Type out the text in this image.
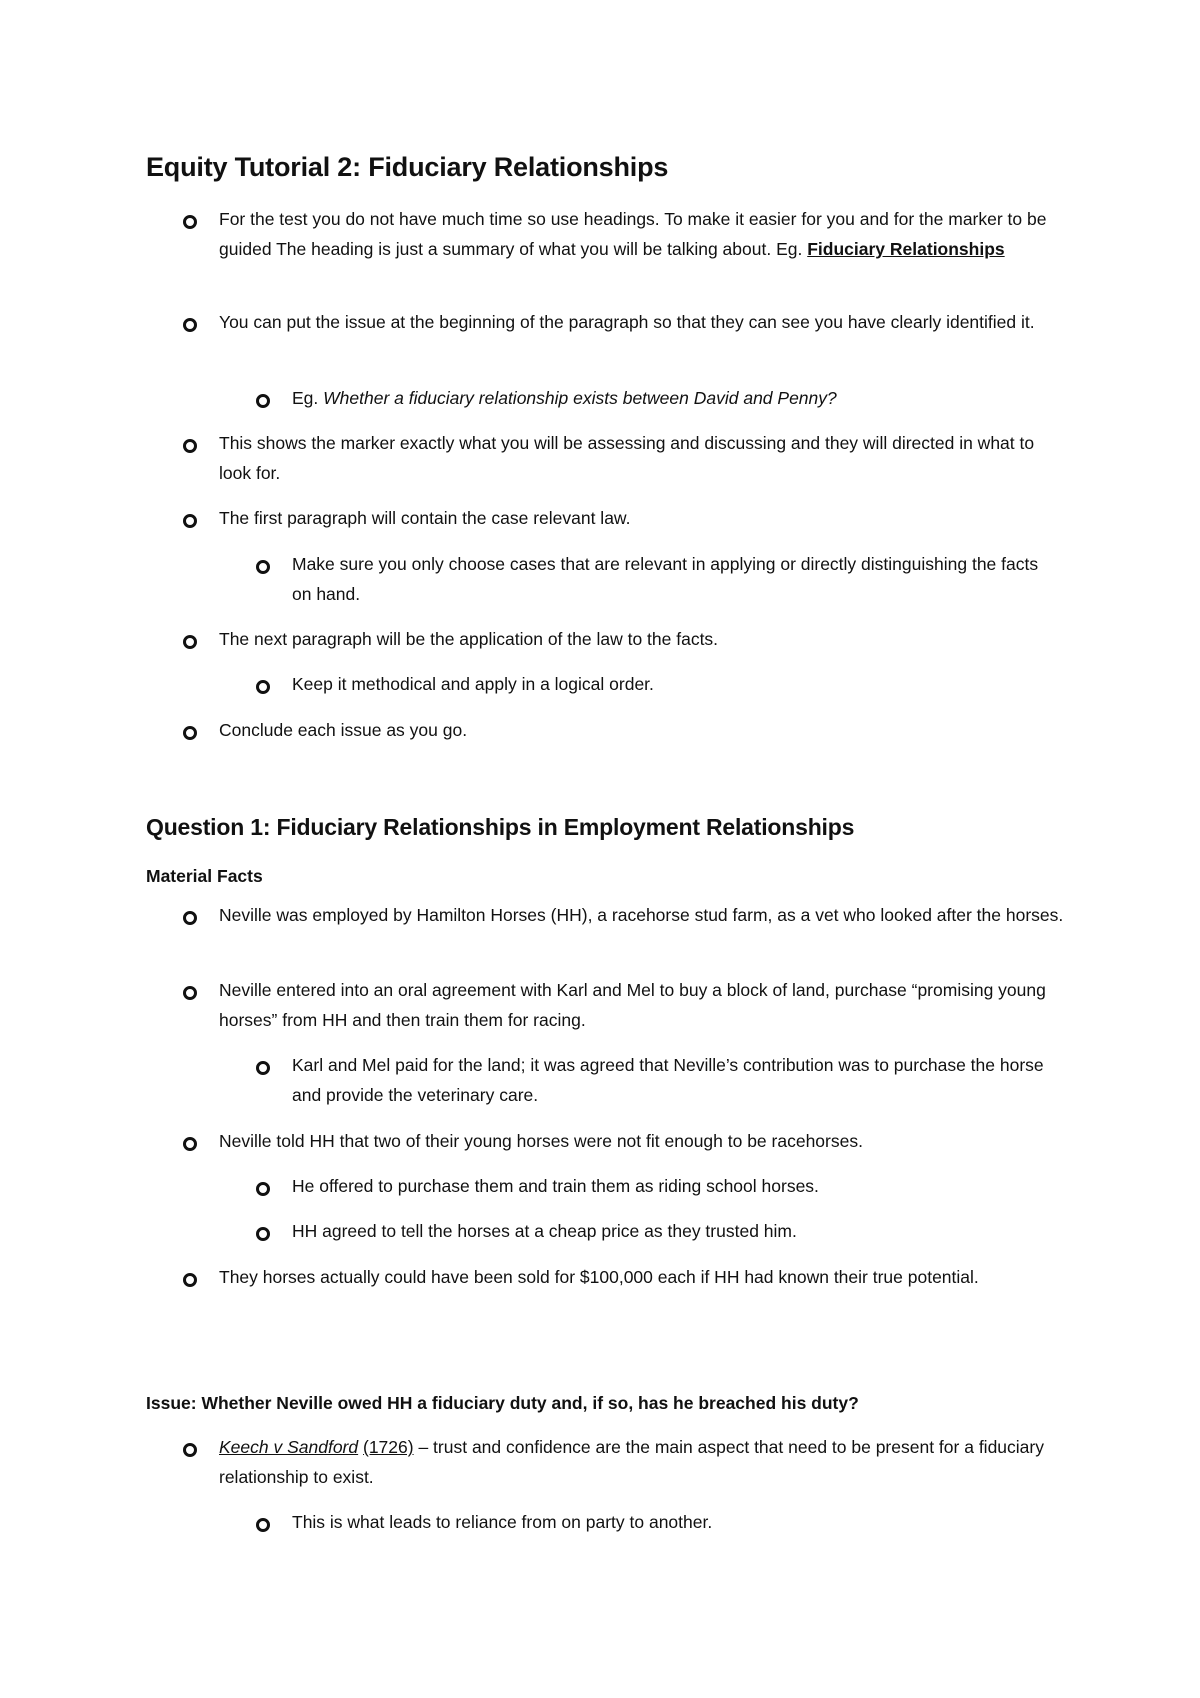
Equity Tutorial 2: Fiduciary Relationships
For the test you do not have much time so use headings. To make it easier for you and for the marker to be guided The heading is just a summary of what you will be talking about. Eg. Fiduciary Relationships
You can put the issue at the beginning of the paragraph so that they can see you have clearly identified it.
Eg. Whether a fiduciary relationship exists between David and Penny?
This shows the marker exactly what you will be assessing and discussing and they will directed in what to look for.
The first paragraph will contain the case relevant law.
Make sure you only choose cases that are relevant in applying or directly distinguishing the facts on hand.
The next paragraph will be the application of the law to the facts.
Keep it methodical and apply in a logical order.
Conclude each issue as you go.
Question 1: Fiduciary Relationships in Employment Relationships
Material Facts
Neville was employed by Hamilton Horses (HH), a racehorse stud farm, as a vet who looked after the horses.
Neville entered into an oral agreement with Karl and Mel to buy a block of land, purchase “promising young horses” from HH and then train them for racing.
Karl and Mel paid for the land; it was agreed that Neville’s contribution was to purchase the horse and provide the veterinary care.
Neville told HH that two of their young horses were not fit enough to be racehorses.
He offered to purchase them and train them as riding school horses.
HH agreed to tell the horses at a cheap price as they trusted him.
They horses actually could have been sold for $100,000 each if HH had known their true potential.
Issue: Whether Neville owed HH a fiduciary duty and, if so, has he breached his duty?
Keech v Sandford (1726) – trust and confidence are the main aspect that need to be present for a fiduciary relationship to exist.
This is what leads to reliance from on party to another.
